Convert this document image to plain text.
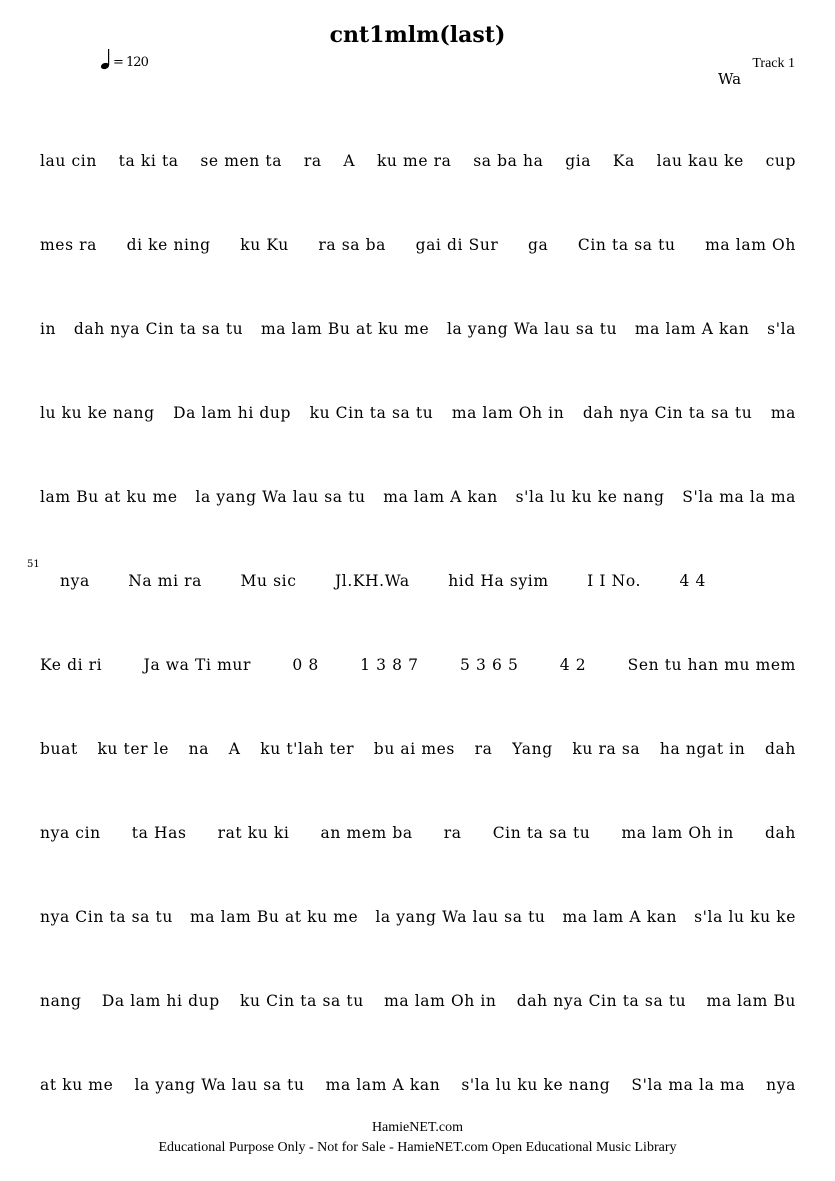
cnt1mlm(last)
= 120	Track 1
Wa
51
lau cin ta ki ta se men ta ra A ku me ra sa ba ha gia Ka lau kau ke cup
mes ra di ke ning ku Ku ra sa ba gai di Sur ga Cin ta sa tu ma lam Oh
in dah nya Cin ta sa tu ma lam Bu at ku me la yang Wa lau sa tu ma lam A kan s'la
lu ku ke nang Da lam hi dup ku Cin ta sa tu ma lam Oh in dah nya Cin ta sa tu ma
lam Bu at ku me la yang Wa lau sa tu ma lam A kan s'la lu ku ke nang S'la ma la ma
nya Na mi ra Mu sic Jl.KH.Wa hid Ha syim I I No. 4 4
Ke di ri	Ja wa Ti mur	0 8	1 3 8 7	5 3 6 5	4 2	Sen tu han mu mem
buat ku ter le na A ku t'lah ter bu ai mes ra Yang ku ra sa ha ngat in dah
nya cin ta Has rat ku ki an mem ba ra Cin ta sa tu ma lam Oh in dah
nya Cin ta sa tu ma lam Bu at ku me la yang Wa lau sa tu ma lam A kan s'la lu ku ke
nang Da lam hi dup ku Cin ta sa tu ma lam Oh in dah nya Cin ta sa tu ma lam Bu
at ku me la yang Wa lau sa tu ma lam A kan s'la lu ku ke nang S'la ma la ma nya
HamieNET.com
Educational Purpose Only - Not for Sale - HamieNET.com Open Educational Music Library
